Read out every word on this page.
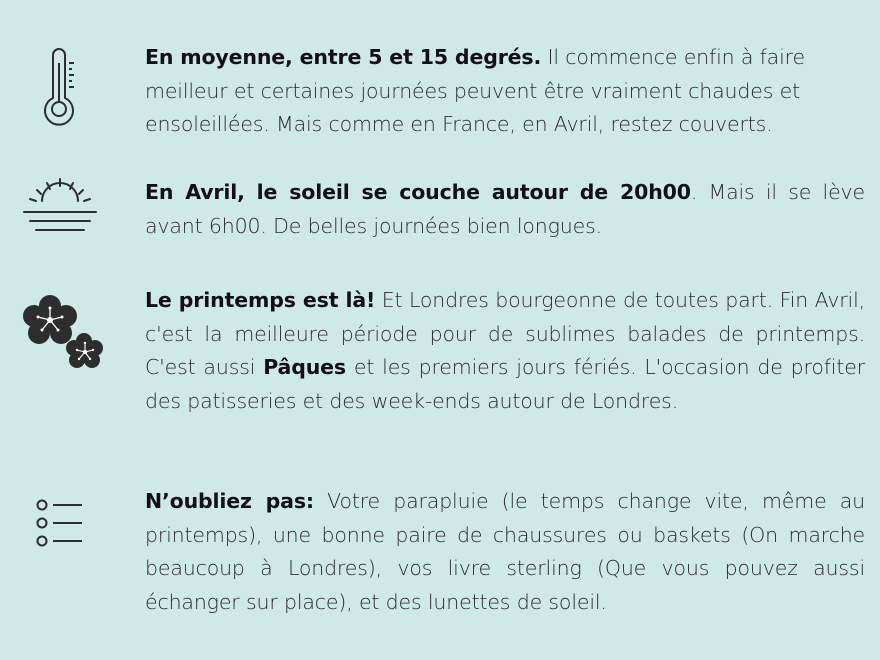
En moyenne, entre 5 et 15 degrés. Il commence enfin à faire meilleur et certaines journées peuvent être vraiment chaudes et ensoleillées. Mais comme en France, en Avril, restez couverts.
En Avril, le soleil se couche autour de 20h00. Mais il se lève avant 6h00. De belles journées bien longues.
Le printemps est là! Et Londres bourgeonne de toutes part. Fin Avril, c'est la meilleure période pour de sublimes balades de printemps. C'est aussi Pâques et les premiers jours fériés. L'occasion de profiter des patisseries et des week-ends autour de Londres.
N’oubliez pas: Votre parapluie (le temps change vite, même au printemps), une bonne paire de chaussures ou baskets (On marche beaucoup à Londres), vos livre sterling (Que vous pouvez aussi échanger sur place), et des lunettes de soleil.
